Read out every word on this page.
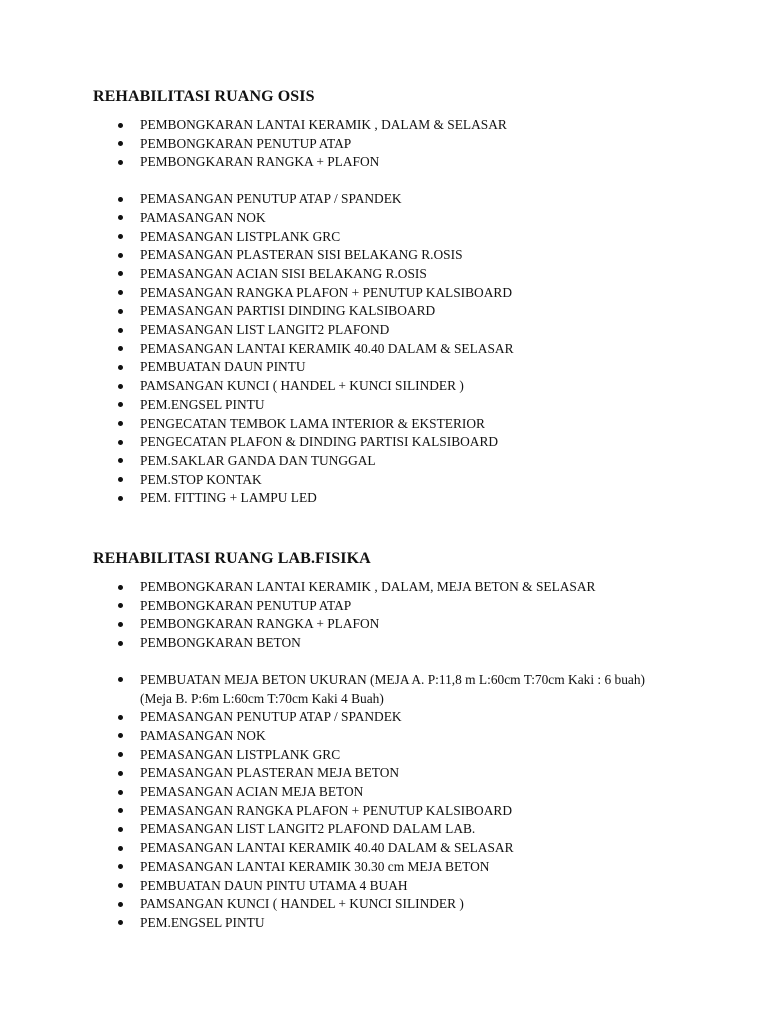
REHABILITASI RUANG OSIS
PEMBONGKARAN LANTAI KERAMIK , DALAM & SELASAR
PEMBONGKARAN PENUTUP ATAP
PEMBONGKARAN RANGKA + PLAFON
PEMASANGAN PENUTUP ATAP / SPANDEK
PAMASANGAN NOK
PEMASANGAN LISTPLANK GRC
PEMASANGAN PLASTERAN SISI BELAKANG R.OSIS
PEMASANGAN ACIAN SISI BELAKANG R.OSIS
PEMASANGAN RANGKA PLAFON + PENUTUP KALSIBOARD
PEMASANGAN PARTISI DINDING KALSIBOARD
PEMASANGAN LIST LANGIT2 PLAFOND
PEMASANGAN LANTAI KERAMIK 40.40 DALAM & SELASAR
PEMBUATAN DAUN PINTU
PAMSANGAN KUNCI ( HANDEL + KUNCI SILINDER )
PEM.ENGSEL PINTU
PENGECATAN TEMBOK LAMA INTERIOR & EKSTERIOR
PENGECATAN PLAFON & DINDING PARTISI KALSIBOARD
PEM.SAKLAR GANDA DAN TUNGGAL
PEM.STOP KONTAK
PEM. FITTING + LAMPU LED
REHABILITASI RUANG LAB.FISIKA
PEMBONGKARAN LANTAI KERAMIK , DALAM, MEJA BETON & SELASAR
PEMBONGKARAN PENUTUP ATAP
PEMBONGKARAN RANGKA + PLAFON
PEMBONGKARAN BETON
PEMBUATAN MEJA BETON UKURAN (MEJA A. P:11,8 m L:60cm T:70cm Kaki : 6 buah)
(Meja B. P:6m L:60cm T:70cm Kaki 4 Buah)
PEMASANGAN PENUTUP ATAP / SPANDEK
PAMASANGAN NOK
PEMASANGAN LISTPLANK GRC
PEMASANGAN PLASTERAN MEJA BETON
PEMASANGAN ACIAN MEJA BETON
PEMASANGAN RANGKA PLAFON + PENUTUP KALSIBOARD
PEMASANGAN LIST LANGIT2 PLAFOND DALAM LAB.
PEMASANGAN LANTAI KERAMIK 40.40 DALAM & SELASAR
PEMASANGAN LANTAI KERAMIK 30.30 cm MEJA BETON
PEMBUATAN DAUN PINTU UTAMA 4 BUAH
PAMSANGAN KUNCI ( HANDEL + KUNCI SILINDER )
PEM.ENGSEL PINTU
